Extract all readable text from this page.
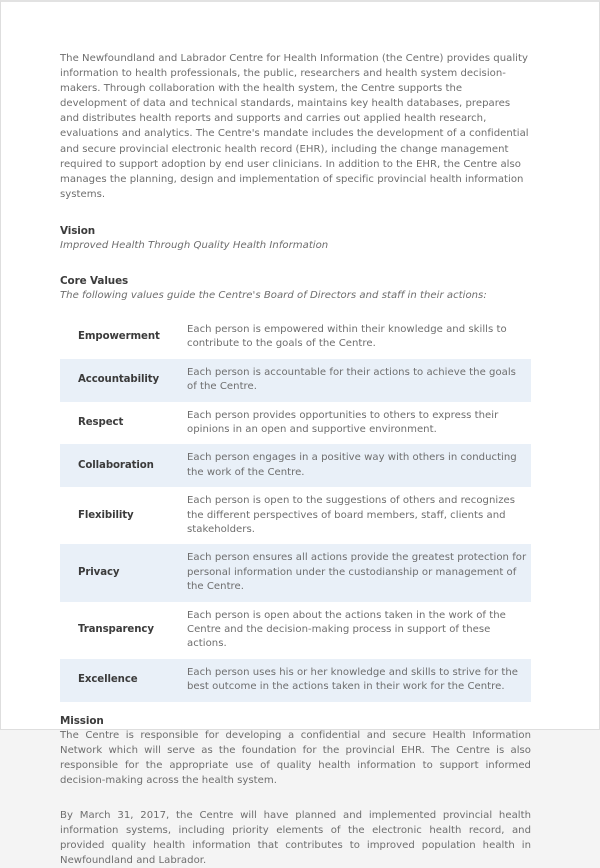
The Newfoundland and Labrador Centre for Health Information (the Centre) provides quality information to health professionals, the public, researchers and health system decision-makers. Through collaboration with the health system, the Centre supports the development of data and technical standards, maintains key health databases, prepares and distributes health reports and supports and carries out applied health research, evaluations and analytics. The Centre's mandate includes the development of a confidential and secure provincial electronic health record (EHR), including the change management required to support adoption by end user clinicians. In addition to the EHR, the Centre also manages the planning, design and implementation of specific provincial health information systems.

Vision

Improved Health Through Quality Health Information

Core Values

The following values guide the Centre's Board of Directors and staff in their actions:

Empowerment	Each person is empowered within their knowledge and skills to contribute to the goals of the Centre.
Accountability	Each person is accountable for their actions to achieve the goals of the Centre.
Respect	Each person provides opportunities to others to express their opinions in an open and supportive environment.
Collaboration	Each person engages in a positive way with others in conducting the work of the Centre.
Flexibility	Each person is open to the suggestions of others and recognizes the different perspectives of board members, staff, clients and stakeholders.
Privacy	Each person ensures all actions provide the greatest protection for personal information under the custodianship or management of the Centre.
Transparency	Each person is open about the actions taken in the work of the Centre and the decision-making process in support of these actions.
Excellence	Each person uses his or her knowledge and skills to strive for the best outcome in the actions taken in their work for the Centre.
Mission

The Centre is responsible for developing a confidential and secure Health Information Network which will serve as the foundation for the provincial EHR. The Centre is also responsible for the appropriate use of quality health information to support informed decision-making across the health system.

By March 31, 2017, the Centre will have planned and implemented provincial health information systems, including priority elements of the electronic health record, and provided quality health information that contributes to improved population health in Newfoundland and Labrador.
